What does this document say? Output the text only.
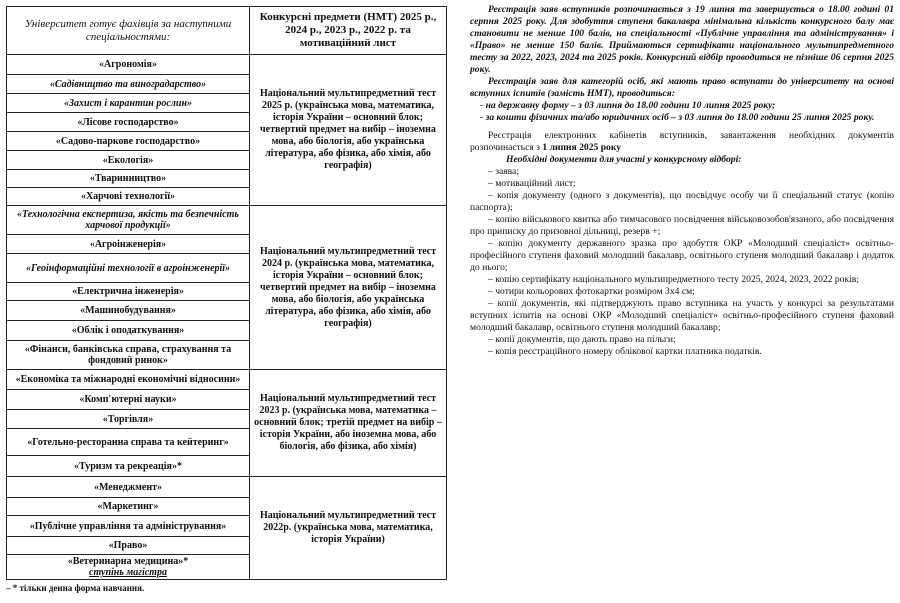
Університет готує фахівців за наступними спеціальностями:	Конкурсні предмети (НМТ) 2025 р., 2024 р., 2023 р., 2022 р. та мотиваційний лист
«Агрономія»	Національний мультипредметний тест 2025 р. (українська мова, математика, історія України – основний блок; четвертий предмет на вибір – іноземна мова, або біологія, або українська література, або фізика, або хімія, або географія)

«Садівництво та виноградарство»	
«Захист і карантин рослин»	
«Лісове господарство»	
«Садово-паркове господарство»	
«Екологія»	
«Тваринництво»	
«Харчові технології»	
«Технологічна експертиза, якість та безпечність харчової продукції»	Національний мультипредметний тест 2024 р. (українська мова, математика, історія України – основний блок; четвертий предмет на вибір – іноземна мова, або біологія, або українська література, або фізика, або хімія, або географія)

«Агроінженерія»	
«Геоінформаційні технології в агроінженерії»	
«Електрична інженерія»	
«Машинобудування»	
«Облік і оподаткування»	
«Фінанси, банківська справа, страхування та фондовий ринок»	
«Економіка та міжнародні економічні відносини»	Національний мультипредметний тест 2023 р. (українська мова, математика – основний блок; третій предмет на вибір – історія України, або іноземна мова, або біологія, або фізика, або хімія)

«Комп'ютерні науки»	
«Торгівля»	
«Готельно-ресторанна справа та кейтеринг»	
«Туризм та рекреація»*	
«Менеджмент»	Національний мультипредметний тест 2022р. (українська мова, математика, історія України)

«Маркетинг»	
«Публічне управління та адміністрування»	
«Право»	
«Ветеринарна медицина»*
ступінь магістра	
– * тільки денна форма навчання.

Реєстрація заяв вступників розпочинається з 19 липня та завершується о 18.00 годині 01 серпня 2025 року. Для здобуття ступеня бакалавра мінімальна кількість конкурсного балу має становити не менше 100 балів, на спеціальності «Публічне управління та адміністрування» і «Право» не менше 150 балів. Приймаються сертифікати національного мультипредметного тесту за 2022, 2023, 2024 та 2025 років. Конкурсний відбір проводиться не пізніше 06 серпня 2025 року.

Реєстрація заяв для категорій осіб, які мають право вступати до університету на основі вступних іспитів (замість НМТ), проводиться:

- на державну форму – з 03 липня до 18.00 години 10 липня 2025 року;

- за кошти фізичних та/або юридичних осіб – з 03 липня до 18.00 години 25 липня 2025 року.

Реєстрація електронних кабінетів вступників, завантаження необхідних документів розпочинається з 1 липня 2025 року

Необхідні документи для участі у конкурсному відборі:

– заява;

– мотиваційний лист;

– копія документу (одного з документів), що посвідчує особу чи її спеціальний статус (копію паспорта);

– копію військового квитка або тимчасового посвідчення військовозобов'язаного, або посвідчення про приписку до призовної дільниці, резерв +;

– копію документу державного зразка про здобуття ОКР «Молодший спеціаліст» освітньо-професійного ступеня фаховий молодший бакалавр, освітнього ступеня молодший бакалавр і додаток до нього;

– копію сертифікату національного мультипредметного тесту 2025, 2024, 2023, 2022 років;

– чотири кольорових фотокартки розміром 3х4 см;

– копії документів, які підтверджують право вступника на участь у конкурсі за результатами вступних іспитів на основі ОКР «Молодший спеціаліст» освітньо-професійного ступеня фаховий молодший бакалавр, освітнього ступеня молодший бакалавр;

– копії документів, що дають право на пільги;

– копія реєстраційного номеру облікової картки платника податків.
